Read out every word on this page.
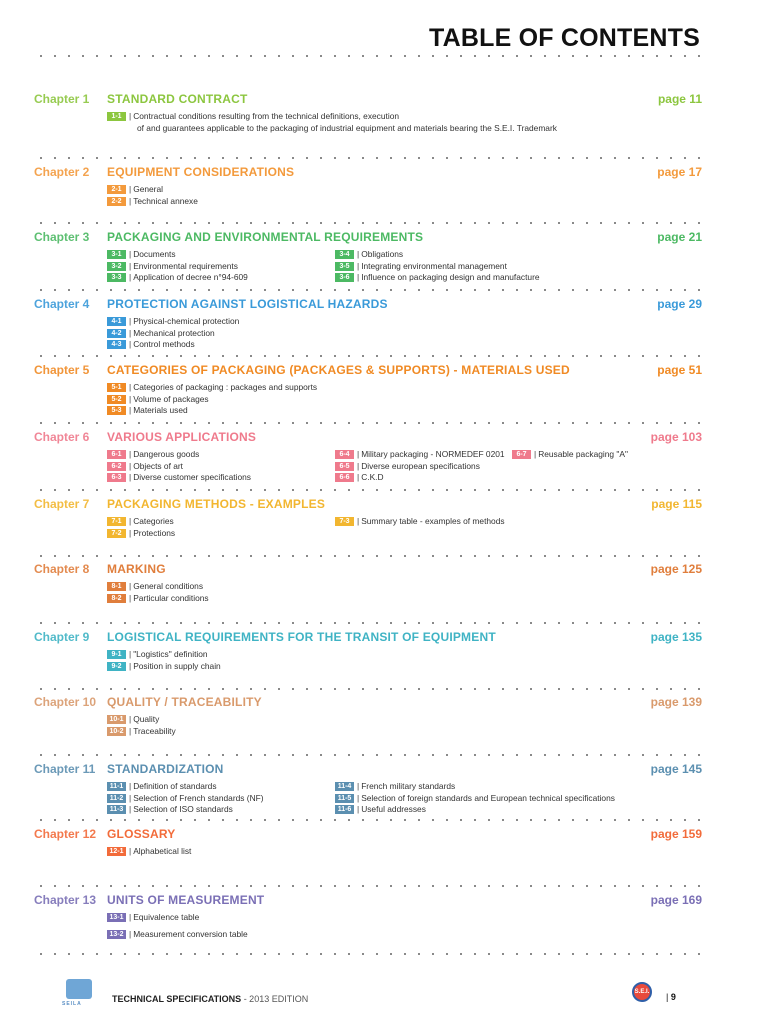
TABLE OF CONTENTS
Chapter 1 STANDARD CONTRACT	page 11
1-1 | Contractual conditions resulting from the technical definitions, execution
of and guarantees applicable to the packaging of industrial equipment and materials bearing the S.E.I. Trademark
Chapter 2 EQUIPMENT CONSIDERATIONS	page 17
2-1 | General
2-2 | Technical annexe
Chapter 3 PACKAGING AND ENVIRONMENTAL REQUIREMENTS	page 21
3-1 | Documents
3-2 | Environmental requirements
3-3 | Application of decree n°94-609
3-4 | Obligations
3-5 | Integrating environmental management
3-6 | Influence on packaging design and manufacture
Chapter 4 PROTECTION AGAINST LOGISTICAL HAZARDS	page 29
4-1 | Physical-chemical protection
4-2 | Mechanical protection
4-3 | Control methods
Chapter 5 CATEGORIES OF PACKAGING (PACKAGES & SUPPORTS) - MATERIALS USED	page 51
5-1 | Categories of packaging : packages and supports
5-2 | Volume of packages
5-3 | Materials used
Chapter 6 VARIOUS APPLICATIONS	page 103
6-1 | Dangerous goods
6-2 | Objects of art
6-3 | Diverse customer specifications
6-4 | Military packaging - NORMEDEF 0201
6-5 | Diverse european specifications
6-6 | C.K.D
6-7 | Reusable packaging "A"
Chapter 7 PACKAGING METHODS - EXAMPLES	page 115
7-1 | Categories
7-2 | Protections
7-3 | Summary table - examples of methods
Chapter 8 MARKING	page 125
8-1 | General conditions
8-2 | Particular conditions
Chapter 9 LOGISTICAL REQUIREMENTS FOR THE TRANSIT OF EQUIPMENT	page 135
9-1 | "Logistics" definition
9-2 | Position in supply chain
Chapter 10 QUALITY / TRACEABILITY	page 139
10-1 | Quality
10-2 | Traceability
Chapter 11 STANDARDIZATION	page 145
11-1 | Definition of standards
11-2 | Selection of French standards (NF)
11-3 | Selection of ISO standards
11-4 | French military standards
11-5 | Selection of foreign standards and European technical specifications
11-6 | Useful addresses
Chapter 12 GLOSSARY	page 159
12-1 | Alphabetical list
Chapter 13 UNITS OF MEASUREMENT	page 169
13-1 | Equivalence table
13-2 | Measurement conversion table
SEILA	TECHNICAL SPECIFICATIONS - 2013 EDITION
S.E.I. | 9
